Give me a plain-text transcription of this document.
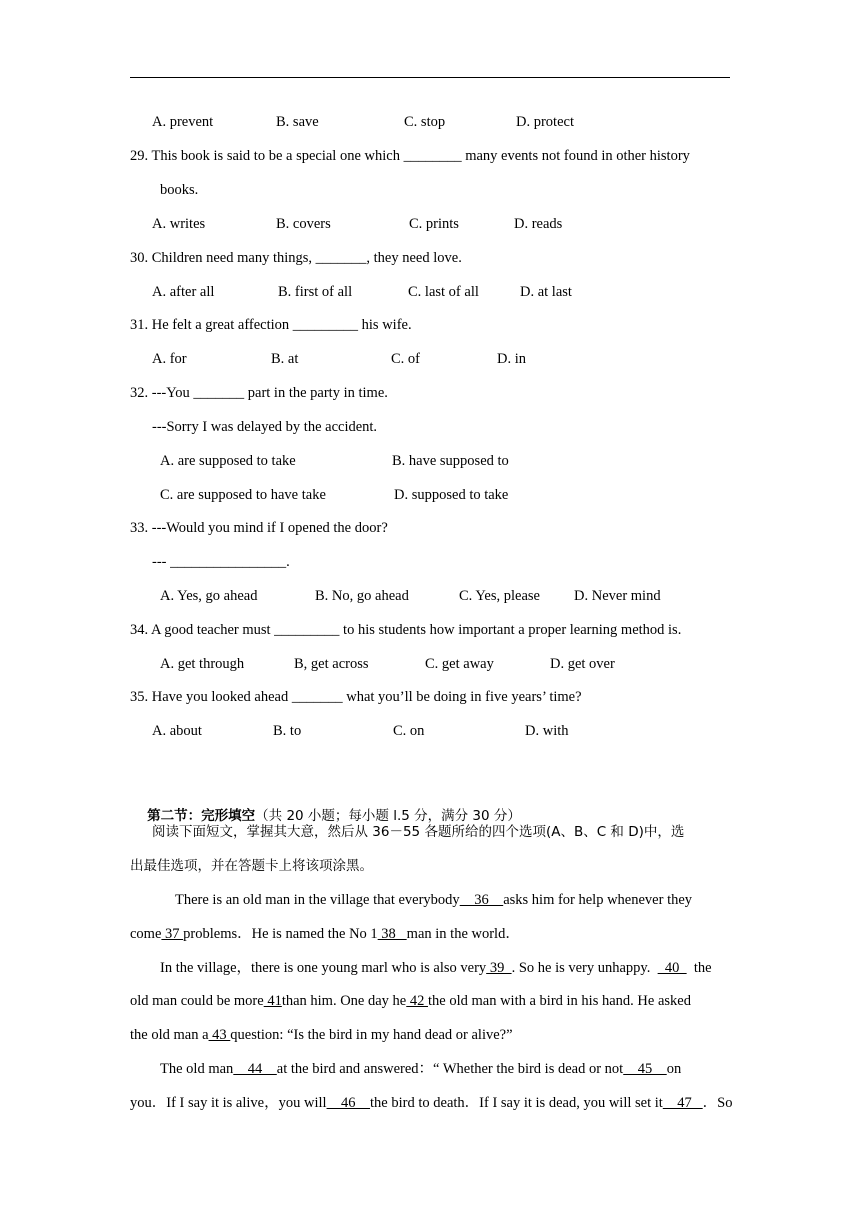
A. prevent	B. save	C. stop	D. protect
29. This book is said to be a special one which ________ many events not found in other history
books.
A. writes	B. covers	C. prints	D. reads
30. Children need many things, _______, they need love.
A. after all	B. first of all	C. last of all	D. at last
31. He felt a great affection _________ his wife.
A. for	B. at	C. of	D. in
32. ---You _______ part in the party in time.
---Sorry I was delayed by the accident.
A. are supposed to take	B. have supposed to
C. are supposed to have take	D. supposed to take
33. ---Would you mind if I opened the door?
--- ________________.
A. Yes, go ahead	B. No, go ahead	C. Yes, please D. Never mind
34. A good teacher must _________ to his students how important a proper learning method is.
A. get through	B, get across	C. get away	D. get over
35. Have you looked ahead _______ what you’ll be doing in five years’ time?
A. about	B. to	C. on	D. with

第二节：完形填空（共 20 小题；每小题 l.5 分，满分 30 分）

阅读下面短文，掌握其大意，然后从 36－55 各题所给的四个选项(A、B、C 和 D)中，选
出最佳选项，并在答题卡上将该项涂黑。
There is an old man in the village that everybody    36    asks him for help whenever they
come 37 problems．He is named the No 1 38   man in the world．
In the village，there is one young marl who is also very 39  . So he is very unhappy.    40    the
old man could be more 41than him. One day he 42 the old man with a bird in his hand. He asked
the old man a 43 question: “Is the bird in my hand dead or alive?”
The old man    44    at the bird and answered：“ Whether the bird is dead or not    45    on
you．If I say it is alive，you will    46    the bird to death．If I say it is dead, you will set it    47   ．So
